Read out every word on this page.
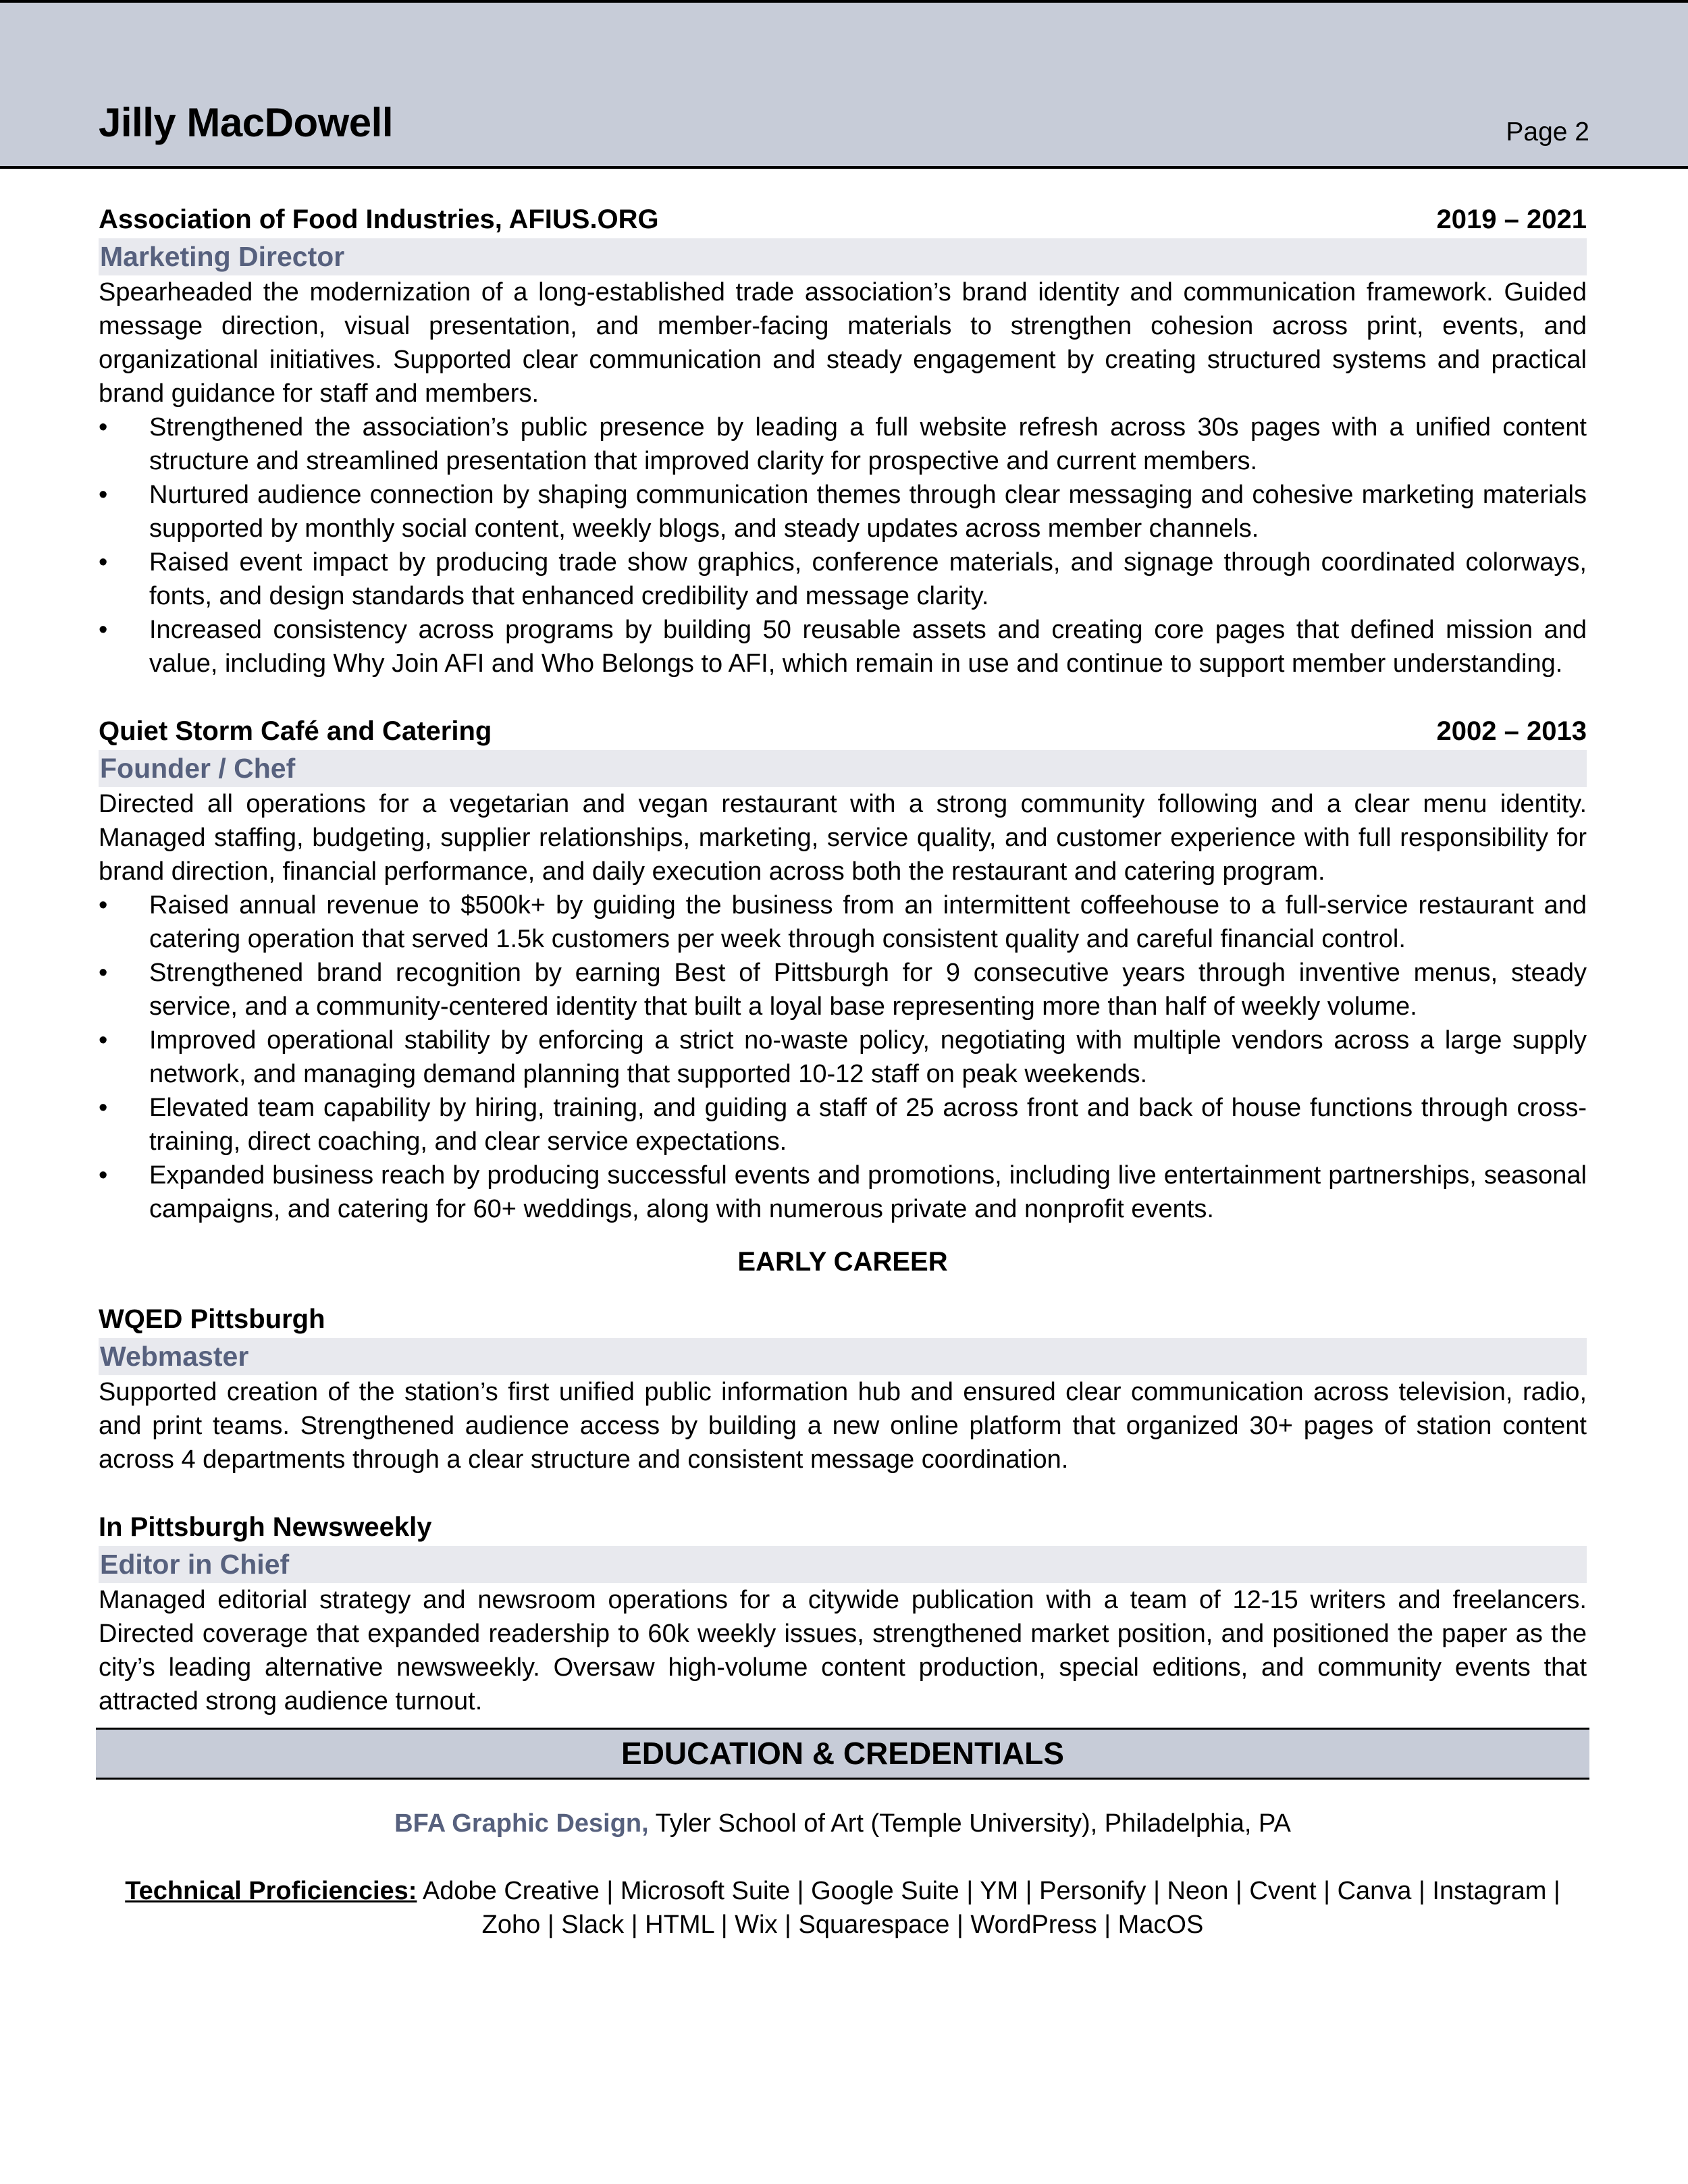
Jilly MacDowell	Page 2
Association of Food Industries, AFIUS.ORG	2019 – 2021
Marketing Director

Spearheaded the modernization of a long-established trade association’s brand identity and communication framework. Guided message direction, visual presentation, and member-facing materials to strengthen cohesion across print, events, and organizational initiatives. Supported clear communication and steady engagement by creating structured systems and practical brand guidance for staff and members.

• Strengthened the association’s public presence by leading a full website refresh across 30s pages with a unified content structure and streamlined presentation that improved clarity for prospective and current members.
• Nurtured audience connection by shaping communication themes through clear messaging and cohesive marketing materials supported by monthly social content, weekly blogs, and steady updates across member channels.
• Raised event impact by producing trade show graphics, conference materials, and signage through coordinated colorways, fonts, and design standards that enhanced credibility and message clarity.
• Increased consistency across programs by building 50 reusable assets and creating core pages that defined mission and value, including Why Join AFI and Who Belongs to AFI, which remain in use and continue to support member understanding.
Quiet Storm Café and Catering	2002 – 2013
Founder / Chef

Directed all operations for a vegetarian and vegan restaurant with a strong community following and a clear menu identity. Managed staffing, budgeting, supplier relationships, marketing, service quality, and customer experience with full responsibility for brand direction, financial performance, and daily execution across both the restaurant and catering program.

• Raised annual revenue to $500k+ by guiding the business from an intermittent coffeehouse to a full-service restaurant and catering operation that served 1.5k customers per week through consistent quality and careful financial control.
• Strengthened brand recognition by earning Best of Pittsburgh for 9 consecutive years through inventive menus, steady service, and a community-centered identity that built a loyal base representing more than half of weekly volume.
• Improved operational stability by enforcing a strict no-waste policy, negotiating with multiple vendors across a large supply network, and managing demand planning that supported 10-12 staff on peak weekends.
• Elevated team capability by hiring, training, and guiding a staff of 25 across front and back of house functions through cross-training, direct coaching, and clear service expectations.
• Expanded business reach by producing successful events and promotions, including live entertainment partnerships, seasonal campaigns, and catering for 60+ weddings, along with numerous private and nonprofit events.
EARLY CAREER
WQED Pittsburgh
Webmaster

Supported creation of the station’s first unified public information hub and ensured clear communication across television, radio, and print teams. Strengthened audience access by building a new online platform that organized 30+ pages of station content across 4 departments through a clear structure and consistent message coordination.

In Pittsburgh Newsweekly
Editor in Chief

Managed editorial strategy and newsroom operations for a citywide publication with a team of 12-15 writers and freelancers. Directed coverage that expanded readership to 60k weekly issues, strengthened market position, and positioned the paper as the city’s leading alternative newsweekly. Oversaw high-volume content production, special editions, and community events that attracted strong audience turnout.

EDUCATION & CREDENTIALS
BFA Graphic Design, Tyler School of Art (Temple University), Philadelphia, PA
Technical Proficiencies: Adobe Creative | Microsoft Suite | Google Suite | YM | Personify | Neon | Cvent | Canva | Instagram | Zoho | Slack | HTML | Wix | Squarespace | WordPress | MacOS
